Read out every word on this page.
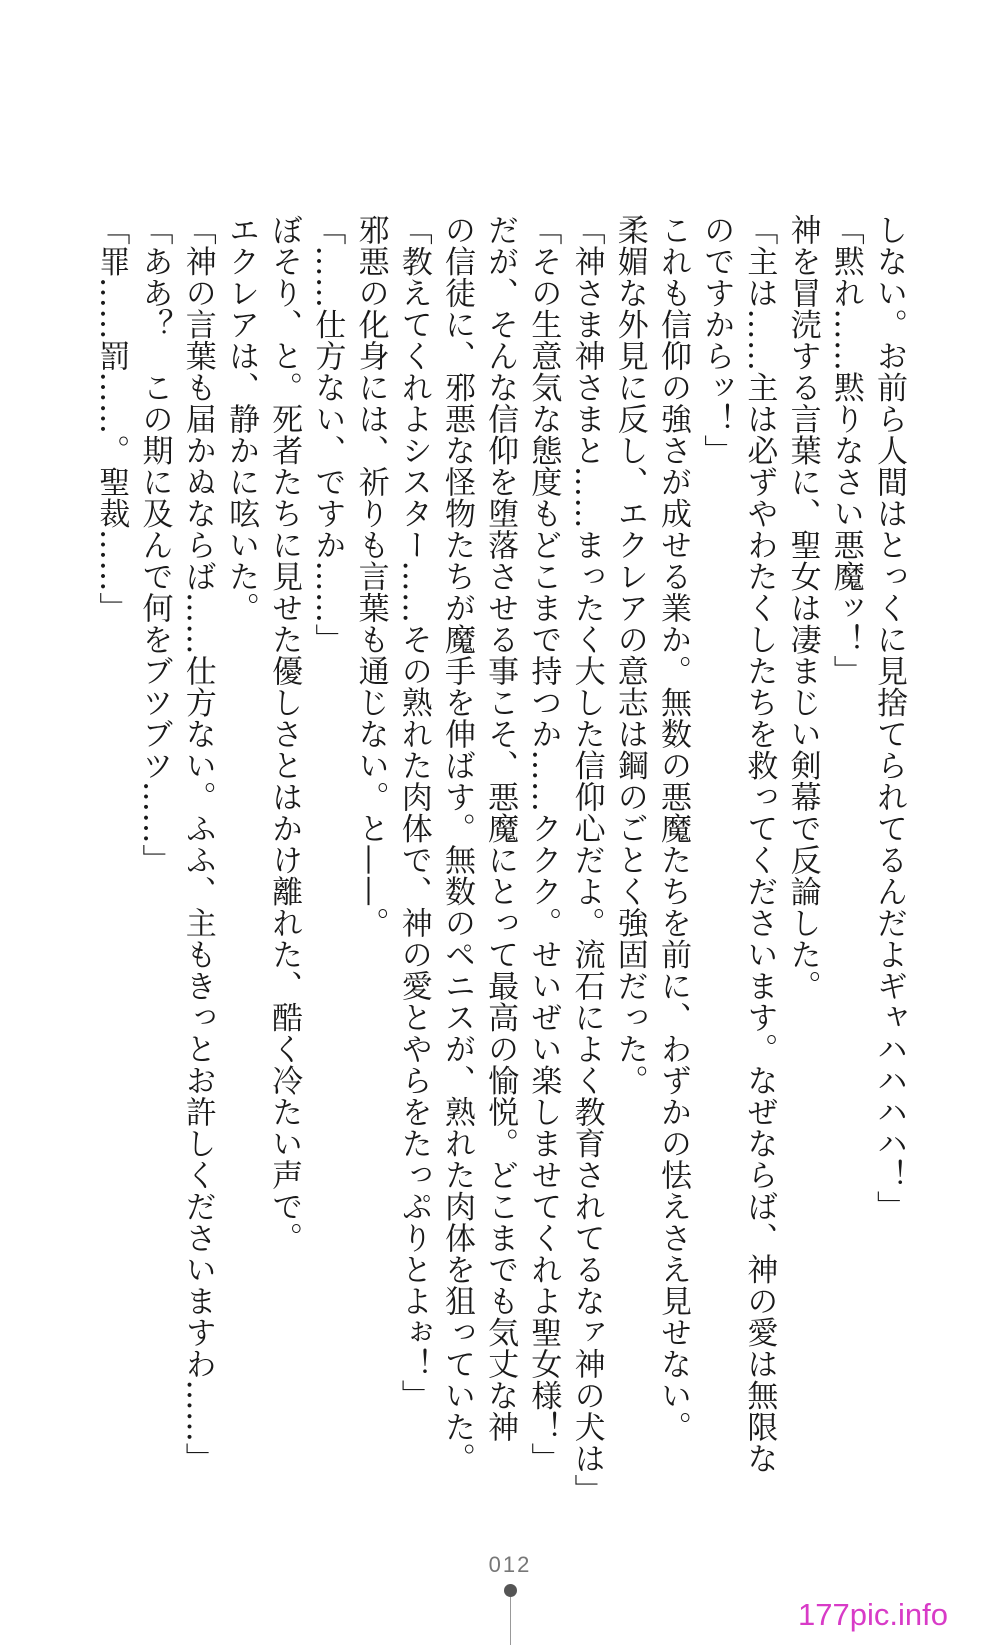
しない。お前ら人間はとっくに見捨てられてるんだよギャハハハハ！」
「黙れ……黙りなさい悪魔ッ！」
神を冒涜する言葉に、聖女は凄まじい剣幕で反論した。
「主は……主は必ずやわたくしたちを救ってくださいます。なぜならば、神の愛は無限な
のですからッ！」
これも信仰の強さが成せる業か。無数の悪魔たちを前に、わずかの怯えさえ見せない。
柔媚な外見に反し、エクレアの意志は鋼のごとく強固だった。
「神さま神さまと……まったく大した信仰心だよ。流石によく教育されてるなァ神の犬は」
「その生意気な態度もどこまで持つか……ククク。せいぜい楽しませてくれよ聖女様！」
だが、そんな信仰を堕落させる事こそ、悪魔にとって最高の愉悦。どこまでも気丈な神
の信徒に、邪悪な怪物たちが魔手を伸ばす。無数のペニスが、熟れた肉体を狙っていた。
「教えてくれよシスター……その熟れた肉体で、神の愛とやらをたっぷりとよぉ！」
邪悪の化身には、祈りも言葉も通じない。と——。
「……仕方ない、ですか……」
ぼそり、と。死者たちに見せた優しさとはかけ離れた、酷く冷たい声で。
エクレアは、静かに呟いた。
「神の言葉も届かぬならば……仕方ない。ふふ、主もきっとお許しくださいますわ……」
「ああ？　この期に及んで何をブツブツ……」
「罪……罰……。聖裁……」
012
177pic.info
